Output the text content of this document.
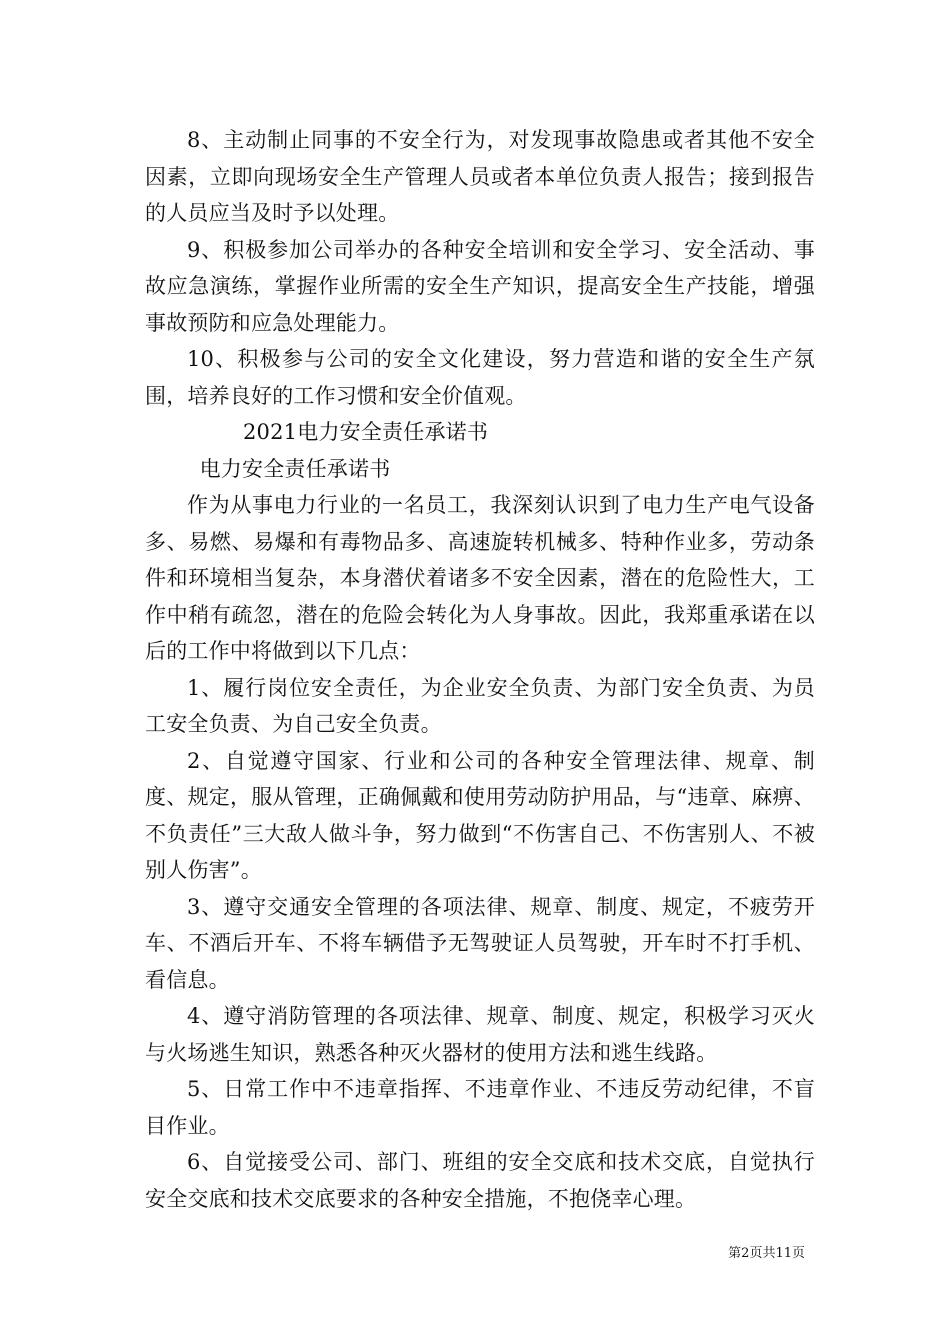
8、主动制止同事的不安全行为，对发现事故隐患或者其他不安全因素，立即向现场安全生产管理人员或者本单位负责人报告；接到报告的人员应当及时予以处理。

9、积极参加公司举办的各种安全培训和安全学习、安全活动、事故应急演练，掌握作业所需的安全生产知识，提高安全生产技能，增强事故预防和应急处理能力。

10、积极参与公司的安全文化建设，努力营造和谐的安全生产氛围，培养良好的工作习惯和安全价值观。

2021电力安全责任承诺书

电力安全责任承诺书

作为从事电力行业的一名员工，我深刻认识到了电力生产电气设备多、易燃、易爆和有毒物品多、高速旋转机械多、特种作业多，劳动条件和环境相当复杂，本身潜伏着诸多不安全因素，潜在的危险性大，工作中稍有疏忽，潜在的危险会转化为人身事故。因此，我郑重承诺在以后的工作中将做到以下几点：

1、履行岗位安全责任，为企业安全负责、为部门安全负责、为员工安全负责、为自己安全负责。

2、自觉遵守国家、行业和公司的各种安全管理法律、规章、制度、规定，服从管理，正确佩戴和使用劳动防护用品，与“违章、麻痹、不负责任”三大敌人做斗争，努力做到“不伤害自己、不伤害别人、不被别人伤害”。

3、遵守交通安全管理的各项法律、规章、制度、规定，不疲劳开车、不酒后开车、不将车辆借予无驾驶证人员驾驶，开车时不打手机、看信息。

4、遵守消防管理的各项法律、规章、制度、规定，积极学习灭火与火场逃生知识，熟悉各种灭火器材的使用方法和逃生线路。

5、日常工作中不违章指挥、不违章作业、不违反劳动纪律，不盲目作业。

6、自觉接受公司、部门、班组的安全交底和技术交底，自觉执行安全交底和技术交底要求的各种安全措施，不抱侥幸心理。

第2页共11页
